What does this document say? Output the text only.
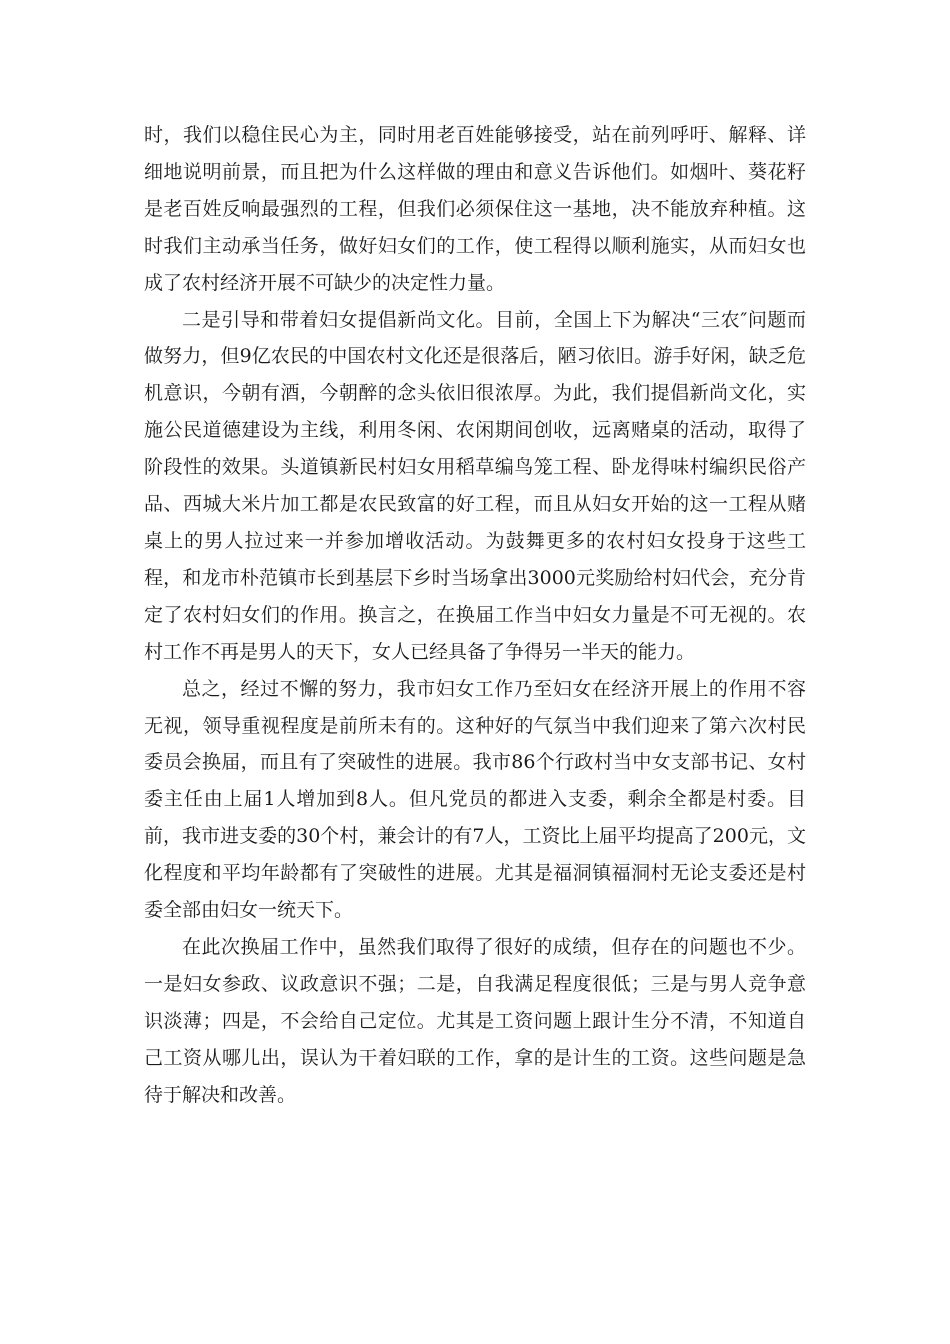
时，我们以稳住民心为主，同时用老百姓能够接受，站在前列呼吁、解释、详细地说明前景，而且把为什么这样做的理由和意义告诉他们。如烟叶、葵花籽是老百姓反响最强烈的工程，但我们必须保住这一基地，决不能放弃种植。这时我们主动承当任务，做好妇女们的工作，使工程得以顺利施实，从而妇女也成了农村经济开展不可缺少的决定性力量。

二是引导和带着妇女提倡新尚文化。目前，全国上下为解决“三农″问题而做努力，但9亿农民的中国农村文化还是很落后，陋习依旧。游手好闲，缺乏危机意识，今朝有酒，今朝醉的念头依旧很浓厚。为此，我们提倡新尚文化，实施公民道德建设为主线，利用冬闲、农闲期间创收，远离赌桌的活动，取得了阶段性的效果。头道镇新民村妇女用稻草编鸟笼工程、卧龙得味村编织民俗产品、西城大米片加工都是农民致富的好工程，而且从妇女开始的这一工程从赌桌上的男人拉过来一并参加增收活动。为鼓舞更多的农村妇女投身于这些工程，和龙市朴范镇市长到基层下乡时当场拿出3000元奖励给村妇代会，充分肯定了农村妇女们的作用。换言之，在换届工作当中妇女力量是不可无视的。农村工作不再是男人的天下，女人已经具备了争得另一半天的能力。

总之，经过不懈的努力，我市妇女工作乃至妇女在经济开展上的作用不容无视，领导重视程度是前所未有的。这种好的气氛当中我们迎来了第六次村民委员会换届，而且有了突破性的进展。我市86个行政村当中女支部书记、女村委主任由上届1人增加到8人。但凡党员的都进入支委，剩余全都是村委。目前，我市进支委的30个村，兼会计的有7人，工资比上届平均提高了200元，文化程度和平均年龄都有了突破性的进展。尤其是福洞镇福洞村无论支委还是村委全部由妇女一统天下。

在此次换届工作中，虽然我们取得了很好的成绩，但存在的问题也不少。一是妇女参政、议政意识不强；二是，自我满足程度很低；三是与男人竞争意识淡薄；四是，不会给自己定位。尤其是工资问题上跟计生分不清，不知道自己工资从哪儿出，误认为干着妇联的工作，拿的是计生的工资。这些问题是急待于解决和改善。
